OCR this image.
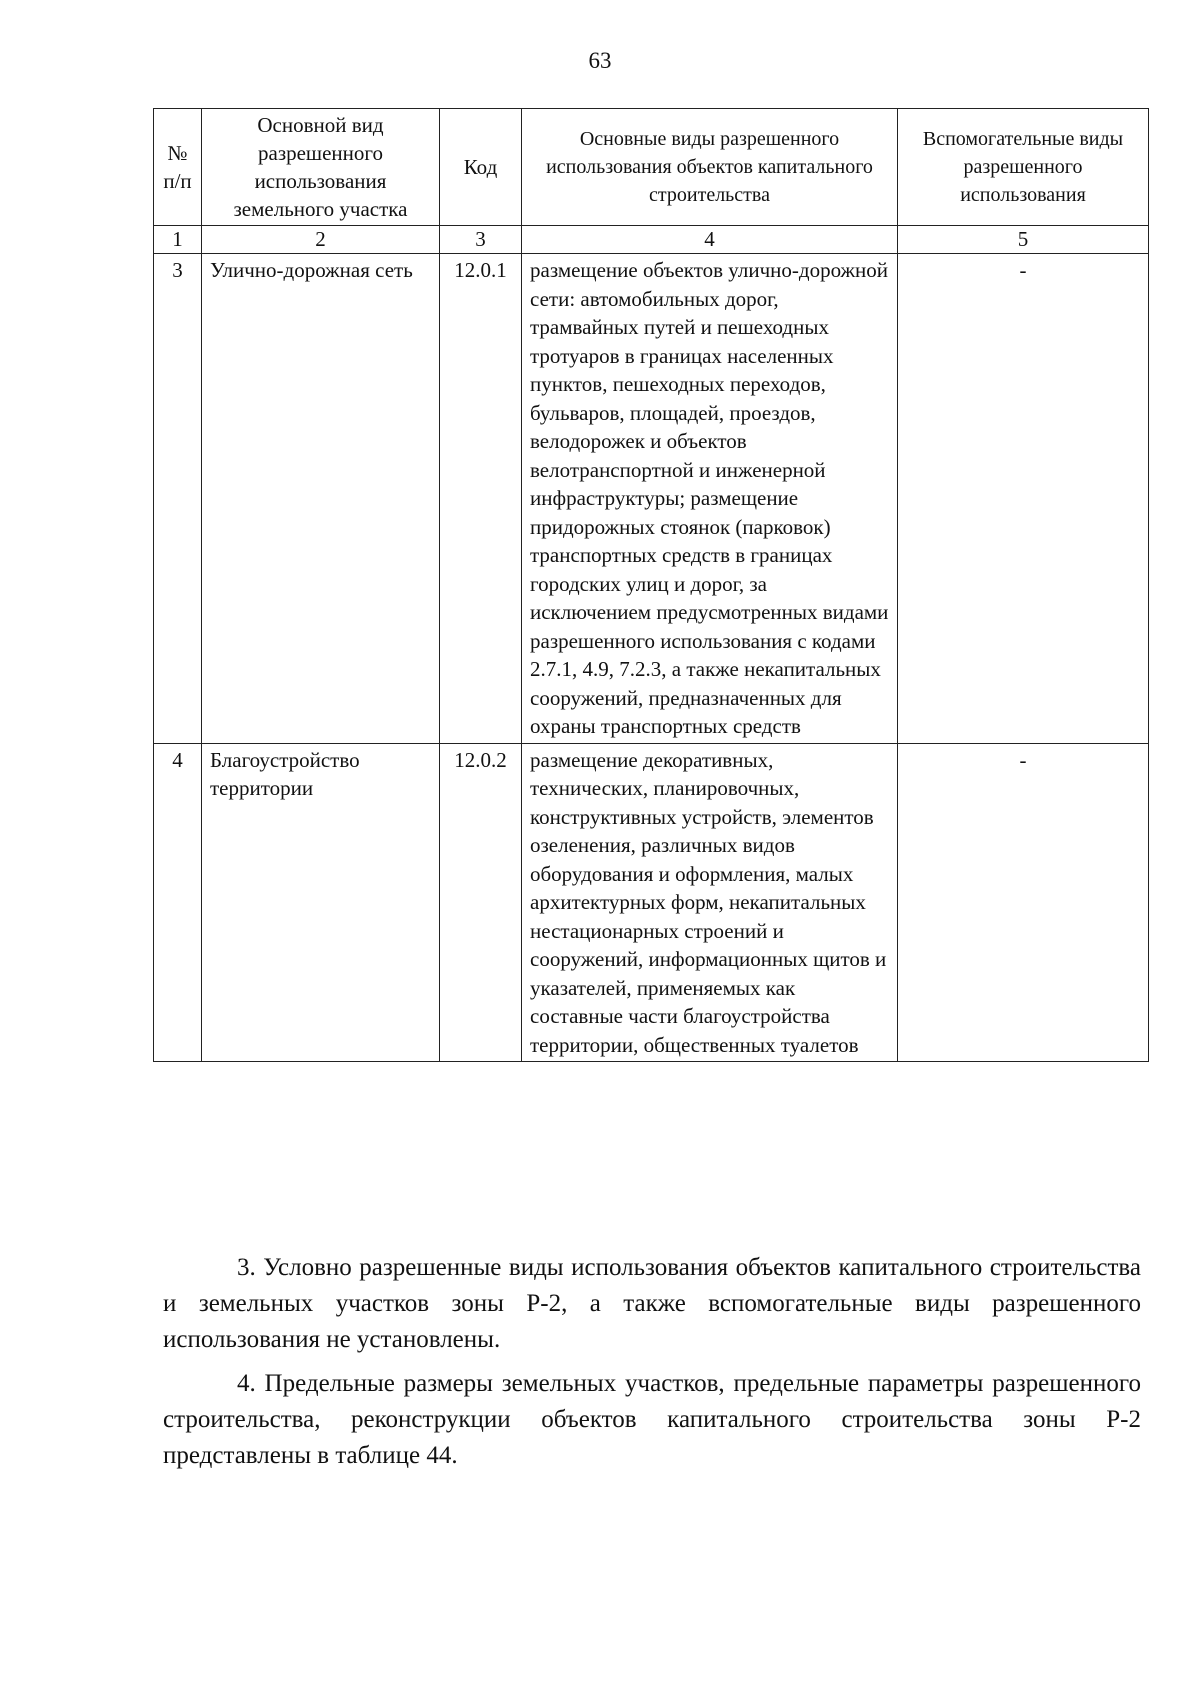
63
№ п/п	Основной вид разрешенного использования земельного участка	Код	Основные виды разрешенного использования объектов капитального строительства	Вспомогательные виды разрешенного использования
1	2	3	4	5
3	Улично-дорожная сеть	12.0.1	размещение объектов улично-дорожной сети: автомобильных дорог, трамвайных путей и пешеходных тротуаров в границах населенных пунктов, пешеходных переходов, бульваров, площадей, проездов, велодорожек и объектов велотранспортной и инженерной инфраструктуры; размещение придорожных стоянок (парковок) транспортных средств в границах городских улиц и дорог, за исключением предусмотренных видами разрешенного использования с кодами 2.7.1, 4.9, 7.2.3, а также некапитальных сооружений, предназначенных для охраны транспортных средств	-
4	Благоустройство территории	12.0.2	размещение декоративных, технических, планировочных, конструктивных устройств, элементов озеленения, различных видов оборудования и оформления, малых архитектурных форм, некапитальных нестационарных строений и сооружений, информационных щитов и указателей, применяемых как составные части благоустройства территории, общественных туалетов	-

3. Условно разрешенные виды использования объектов капитального строительства и земельных участков зоны Р-2, а также вспомогательные виды разрешенного использования не установлены.

4. Предельные размеры земельных участков, предельные параметры разрешенного строительства, реконструкции объектов капитального строительства зоны Р-2 представлены в таблице 44.
